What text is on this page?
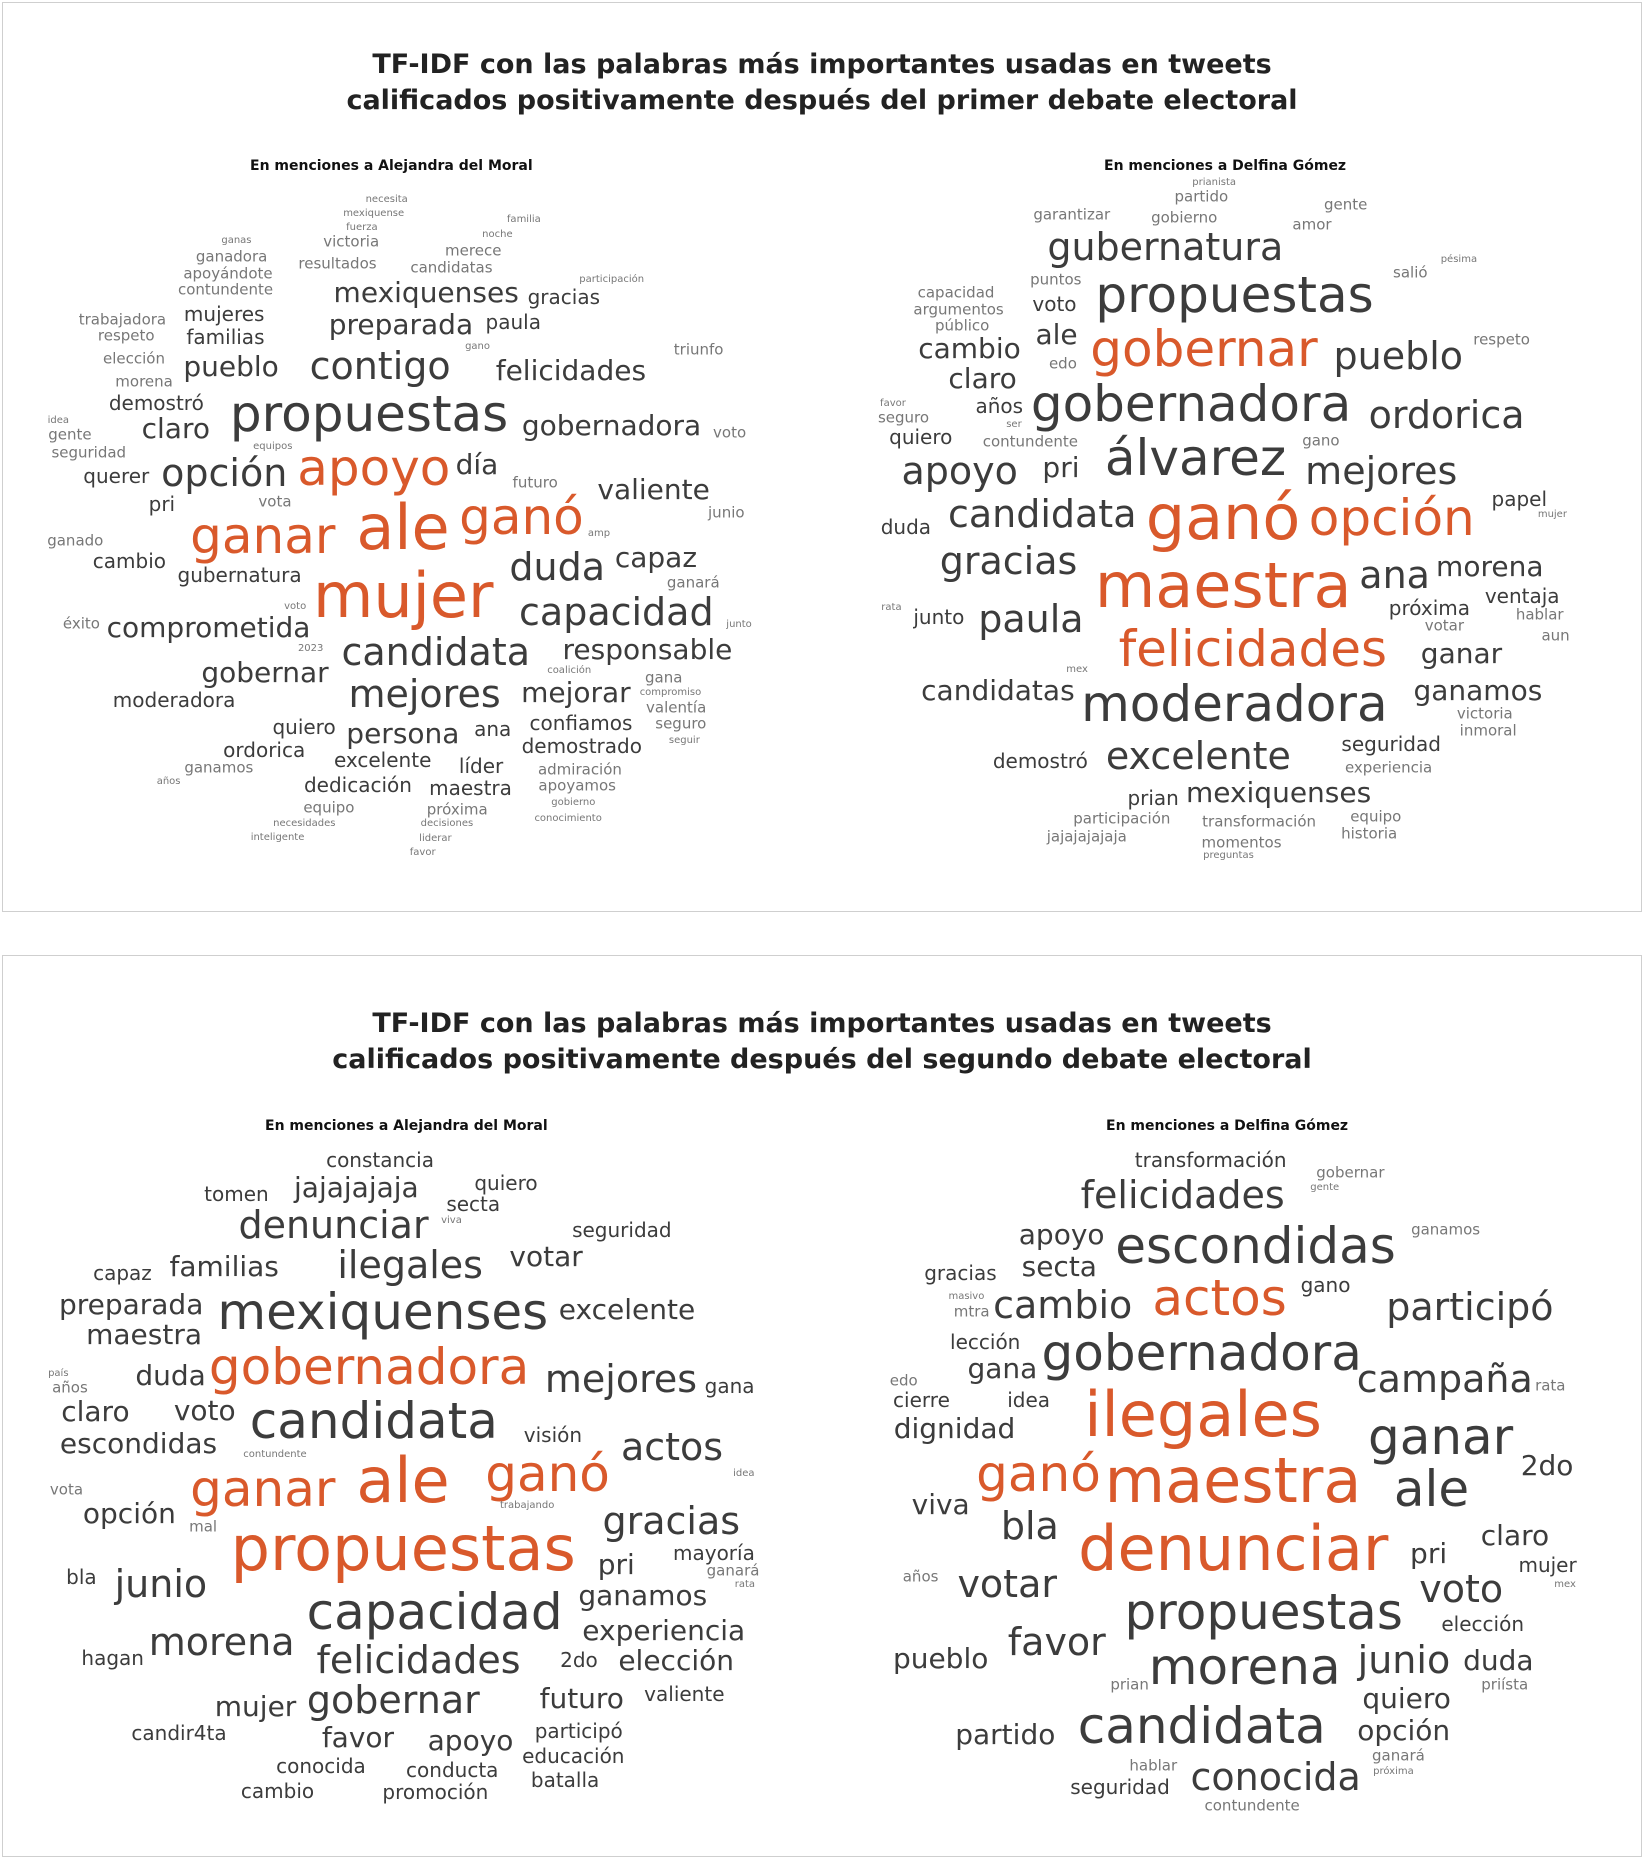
TF-IDF con las palabras más importantes usadas en tweets
calificados positivamente después del primer debate electoral
En menciones a Alejandra del Moral
ale
mujer
apoyo
ganó
ganar
propuestas
candidata
duda
opción
contigo
mejores
capacidad
comprometida
gobernadora
gobernar
preparada
valiente
día
felicidades
persona
responsable
capaz
pueblo
mejorar
claro
mexiquenses
gubernatura
quiero
cambio
demostró
paula
excelente
familias
pri
confiamos
querer
ana
ordorica
moderadora
líder
mujeres
demostrado
dedicación
gracias
maestra
futuro
ganará
seguridad
candidatas
vota
resultados
morena
contundente
junio
elección
ganado
valentía
gana
admiración
ganamos
merece
próxima
éxito
equipo
respeto
apoyándote
victoria
voto
triunfo
seguro
apoyamos
gente
trabajadora
ganadora
compromiso
participación
coalición
voto
equipos
decisiones
2023
amp
gano
junto
fuerza
idea
noche
seguir
gobierno
necesidades
liderar
años
ganas
mexiquense
conocimiento
familia
favor
inteligente
necesita
En menciones a Delfina Gómez
ganó
maestra
álvarez
gobernadora
felicidades
gobernar
opción
moderadora
propuestas
candidata
mejores
gracias	ana
paula
ordorica
pueblo
excelente
apoyo
gubernatura
morena
candidatas
ganar
pri
claro
ale
ganamos
cambio
mexiquenses
próxima
papel
ventaja
seguridad
junto
años
voto
demostró
duda
quiero
prian
contundente
experiencia
público
respeto
gano
victoria
argumentos
edo
gobierno
transformación
puntos
hablar
votar
seguro
participación
salió
aun
inmoral
amor
capacidad
partido
equipo
momentos
garantizar
gente
historia
jajajajajaja
prianista
preguntas
mujer
pésima
favor
mex
ser
rata
TF-IDF con las palabras más importantes usadas en tweets
calificados positivamente después del segundo debate electoral
En menciones a Alejandra del Moral
ale
propuestas
candidata
gobernadora
ganar	ganó
capacidad
mexiquenses
felicidades
mejores
ilegales
gracias
morena
actos
junio
gobernar
denunciar
escondidas
ganamos
excelente
experiencia
opción
maestra
familias
claro
votar
voto
mujer
duda
futuro
favor
pri
apoyo
preparada
elección
jajajajaja
visión
mayoría
participó
conducta
2do
conocida
secta
bla
seguridad
educación
gana
hagan
candir4ta
valiente
capaz
quiero
promoción
constancia
batalla
cambio
tomen
ganará
vota
años
mal
trabajando
contundente
viva
idea
rata
país
En menciones a Delfina Gómez
maestra
denunciar
ilegales
gobernadora
propuestas
ganar
ganó	ale
actos
morena
escondidas
candidata
bla
campaña
votar
cambio
favor
voto
junio
felicidades
participó
conocida
dignidad
gana
claro
viva
quiero
pri
secta
duda
opción
2do
apoyo
pueblo
partido
transformación
idea
gano
lección
elección
gracias
seguridad
cierre
mujer
priísta
prian
años
ganamos
mtra
rata
edo
gobernar
hablar
contundente
ganará
masivo
próxima
mex
gente
